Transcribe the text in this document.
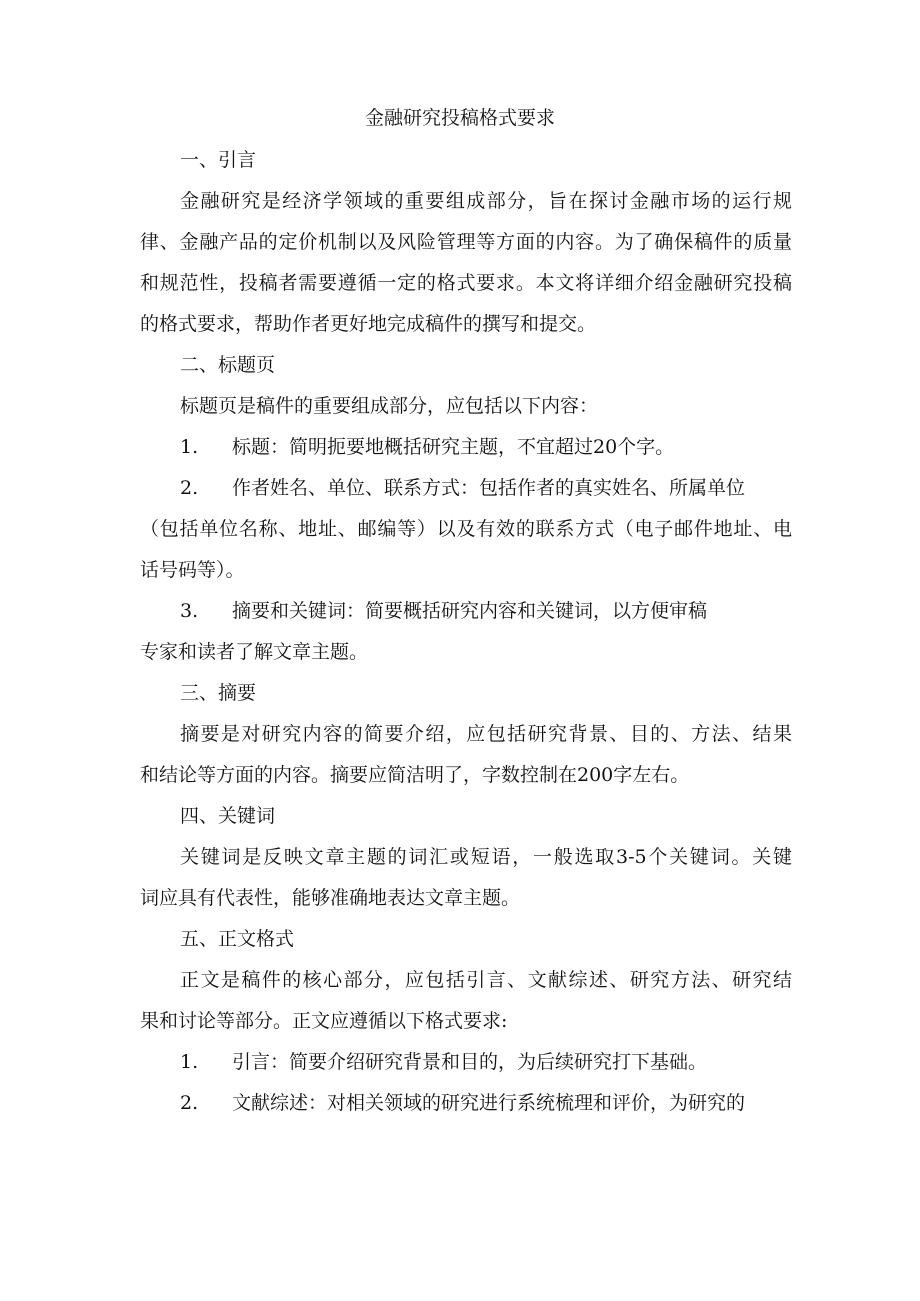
金融研究投稿格式要求
一、引言
金融研究是经济学领域的重要组成部分，旨在探讨金融市场的运行规
律、金融产品的定价机制以及风险管理等方面的内容。为了确保稿件的质量
和规范性，投稿者需要遵循一定的格式要求。本文将详细介绍金融研究投稿
的格式要求，帮助作者更好地完成稿件的撰写和提交。
二、标题页
标题页是稿件的重要组成部分，应包括以下内容：
1. 标题：简明扼要地概括研究主题，不宜超过20个字。
2. 作者姓名、单位、联系方式：包括作者的真实姓名、所属单位
（包括单位名称、地址、邮编等）以及有效的联系方式（电子邮件地址、电
话号码等）。
3. 摘要和关键词：简要概括研究内容和关键词，以方便审稿
专家和读者了解文章主题。
三、摘要
摘要是对研究内容的简要介绍，应包括研究背景、目的、方法、结果
和结论等方面的内容。摘要应简洁明了，字数控制在200字左右。
四、关键词
关键词是反映文章主题的词汇或短语，一般选取3-5个关键词。关键
词应具有代表性，能够准确地表达文章主题。
五、正文格式
正文是稿件的核心部分，应包括引言、文献综述、研究方法、研究结
果和讨论等部分。正文应遵循以下格式要求:
1. 引言：简要介绍研究背景和目的，为后续研究打下基础。
2. 文献综述：对相关领域的研究进行系统梳理和评价，为研究的
